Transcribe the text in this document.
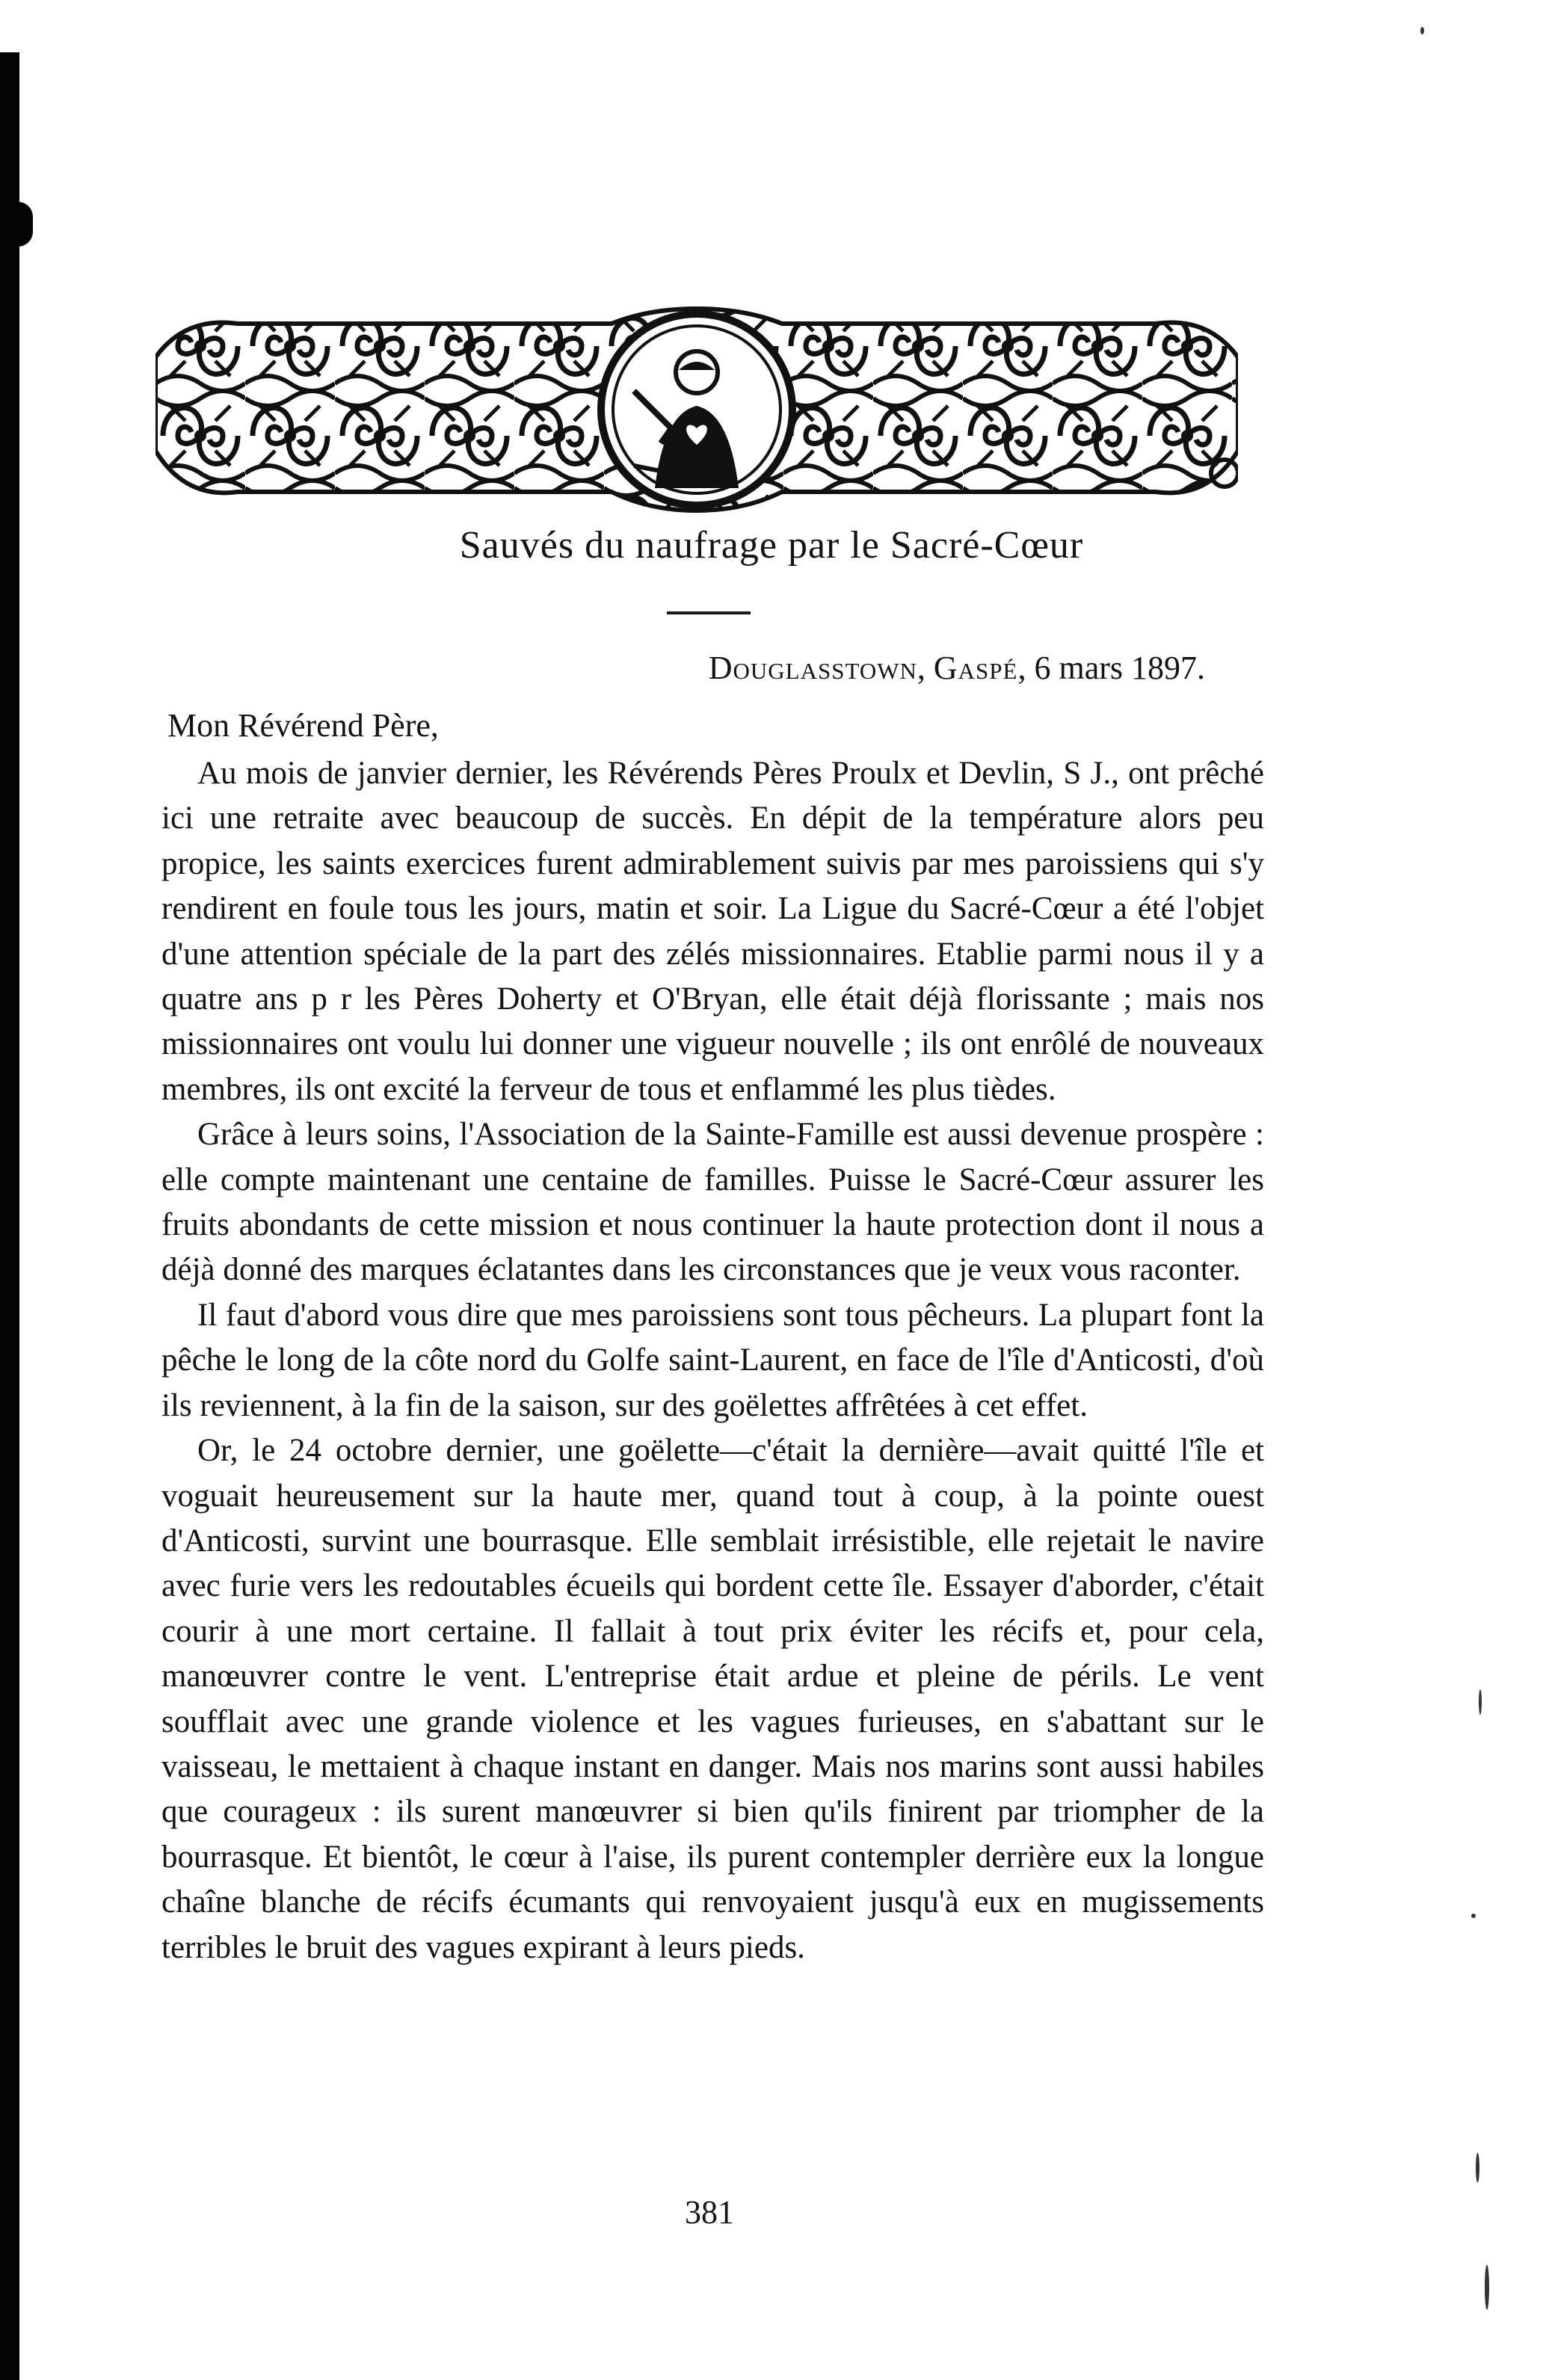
Sauvés du naufrage par le Sacré-Cœur
Douglasstown, Gaspé, 6 mars 1897.
Mon Révérend Père,

Au mois de janvier dernier, les Révérends Pères Proulx et Devlin, S J., ont prêché ici une retraite avec beaucoup de succès. En dépit de la température alors peu propice, les saints exercices furent admirablement suivis par mes paroissiens qui s'y rendirent en foule tous les jours, matin et soir. La Ligue du Sacré-Cœur a été l'objet d'une attention spéciale de la part des zélés missionnaires. Etablie parmi nous il y a quatre ans p r les Pères Doherty et O'Bryan, elle était déjà florissante ; mais nos missionnaires ont voulu lui donner une vigueur nouvelle ; ils ont enrôlé de nouveaux membres, ils ont excité la ferveur de tous et enflammé les plus tièdes.

Grâce à leurs soins, l'Association de la Sainte-Famille est aussi devenue prospère : elle compte maintenant une centaine de familles. Puisse le Sacré-Cœur assurer les fruits abondants de cette mission et nous continuer la haute protection dont il nous a déjà donné des marques éclatantes dans les circonstances que je veux vous raconter.

Il faut d'abord vous dire que mes paroissiens sont tous pêcheurs. La plupart font la pêche le long de la côte nord du Golfe saint-Laurent, en face de l'île d'Anticosti, d'où ils reviennent, à la fin de la saison, sur des goëlettes affrêtées à cet effet.

Or, le 24 octobre dernier, une goëlette—c'était la dernière—avait quitté l'île et voguait heureusement sur la haute mer, quand tout à coup, à la pointe ouest d'Anticosti, survint une bourrasque. Elle semblait irrésistible, elle rejetait le navire avec furie vers les redoutables écueils qui bordent cette île. Essayer d'aborder, c'était courir à une mort certaine. Il fallait à tout prix éviter les récifs et, pour cela, manœuvrer contre le vent. L'entreprise était ardue et pleine de périls. Le vent soufflait avec une grande violence et les vagues furieuses, en s'abattant sur le vaisseau, le mettaient à chaque instant en danger. Mais nos marins sont aussi habiles que courageux : ils surent manœuvrer si bien qu'ils finirent par triompher de la bourrasque. Et bientôt, le cœur à l'aise, ils purent contempler derrière eux la longue chaîne blanche de récifs écumants qui renvoyaient jusqu'à eux en mugissements terribles le bruit des vagues expirant à leurs pieds.

381
